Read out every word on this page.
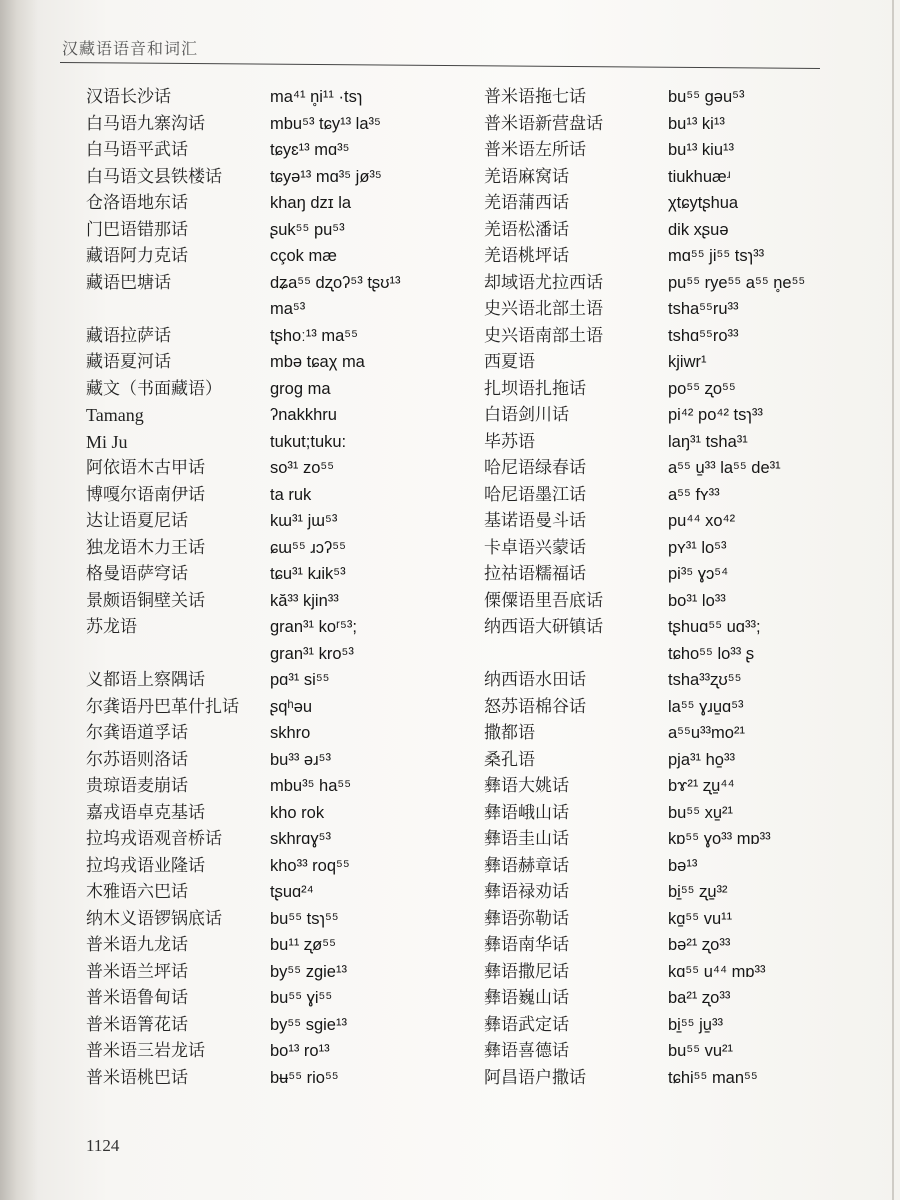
汉藏语语音和词汇
汉语长沙话	ma⁴¹ n̥i¹¹ ·tsɿ
白马语九寨沟话	mbu⁵³ tɕy¹³ la³⁵
白马语平武话	tɕyɛ¹³ mɑ³⁵
白马语文县铁楼话	tɕyə¹³ mɑ³⁵ jø³⁵
仓洛语地东话	khaŋ dzɪ la
门巴语错那话	ʂuk⁵⁵ pu⁵³
藏语阿力克话	cçok mæ
藏语巴塘话	dʑa⁵⁵ dʐoʔ⁵³ tʂʊ¹³
ma⁵³
藏语拉萨话	tʂhoː¹³ ma⁵⁵
藏语夏河话	mbə tɕaχ ma
藏文（书面藏语）	grog ma
Tamang	ʔnakkhru
Mi Ju	tukut;tuku:
阿依语木古甲话	so³¹ zo⁵⁵
博嘎尔语南伊话	ta ruk
达让语夏尼话	kɯ³¹ jɯ⁵³
独龙语木力王话	ɕɯ⁵⁵ ɹɔʔ⁵⁵
格曼语萨穹话	tɕu³¹ kɹik⁵³
景颇语铜壁关话	kă³³ kjin³³
苏龙语	gran³¹ koʳ⁵³;
gran³¹ kro⁵³
义都语上察隅话	pɑ³¹ si⁵⁵
尔龚语丹巴革什扎话	ʂqʰəu
尔龚语道孚话	skhro
尔苏语则洛话	bu³³ əɹ⁵³
贵琼语麦崩话	mbu³⁵ ha⁵⁵
嘉戎语卓克基话	kho rok
拉坞戎语观音桥话	skhrɑɣ⁵³
拉坞戎语业隆话	kho³³ roq⁵⁵
木雅语六巴话	tʂuɑ²⁴
纳木义语锣锅底话	bu⁵⁵ tsɿ⁵⁵
普米语九龙话	bu¹¹ ʐø⁵⁵
普米语兰坪话	by⁵⁵ zgie¹³
普米语鲁甸话	bu⁵⁵ ɣi⁵⁵
普米语箐花话	by⁵⁵ sgie¹³
普米语三岩龙话	bo¹³ ro¹³
普米语桃巴话	bʉ⁵⁵ rio⁵⁵
普米语拖七话	bu⁵⁵ gəu⁵³
普米语新营盘话	bu¹³ ki¹³
普米语左所话	bu¹³ kiu¹³
羌语麻窝话	tiukhuæʴ
羌语蒲西话	χtɕytʂhua
羌语松潘话	dik xʂuə
羌语桃坪话	mɑ⁵⁵ ji⁵⁵ tsɿ³³
却域语尤拉西话	pu⁵⁵ rye⁵⁵ a⁵⁵ n̥e⁵⁵
史兴语北部土语	tsha⁵⁵ru³³
史兴语南部土语	tshɑ⁵⁵ro³³
西夏语	kjiwr¹
扎坝语扎拖话	po⁵⁵ ʐo⁵⁵
白语剑川话	pi⁴² po⁴² tsɿ³³
毕苏语	laŋ³¹ tsha³¹
哈尼语绿春话	a⁵⁵ u̠³³ la⁵⁵ de³¹
哈尼语墨江话	a⁵⁵ fʏ³³
基诺语曼斗话	pu⁴⁴ xo⁴²
卡卓语兴蒙话	pʏ³¹ lo⁵³
拉祜语糯福话	pi³⁵ ɣɔ⁵⁴
傈僳语里吾底话	bo³¹ lo³³
纳西语大研镇话	tʂhuɑ⁵⁵ uɑ³³;
tɕho⁵⁵ lo³³ ʂ
纳西语水田话	tsha³³ʐʊ⁵⁵
怒苏语棉谷话	la⁵⁵ ɣɹu̠ɑ⁵³
撒都语	a⁵⁵u³³mo²¹
桑孔语	pja³¹ ho̠³³
彝语大姚话	bɤ²¹ ʐu̠⁴⁴
彝语峨山话	bu⁵⁵ xu̠²¹
彝语圭山话	kɒ⁵⁵ ɣo³³ mɒ³³
彝语赫章话	bə¹³
彝语禄劝话	bi̠⁵⁵ ʐu̠³²
彝语弥勒话	kɑ̠⁵⁵ vu¹¹
彝语南华话	bə²¹ ʐo³³
彝语撒尼话	kɑ⁵⁵ u⁴⁴ mɒ³³
彝语巍山话	ba²¹ ʐo³³
彝语武定话	bi̠⁵⁵ ju̠³³
彝语喜德话	bu⁵⁵ vu²¹
阿昌语户撒话	tɕhi⁵⁵ man⁵⁵
1124
